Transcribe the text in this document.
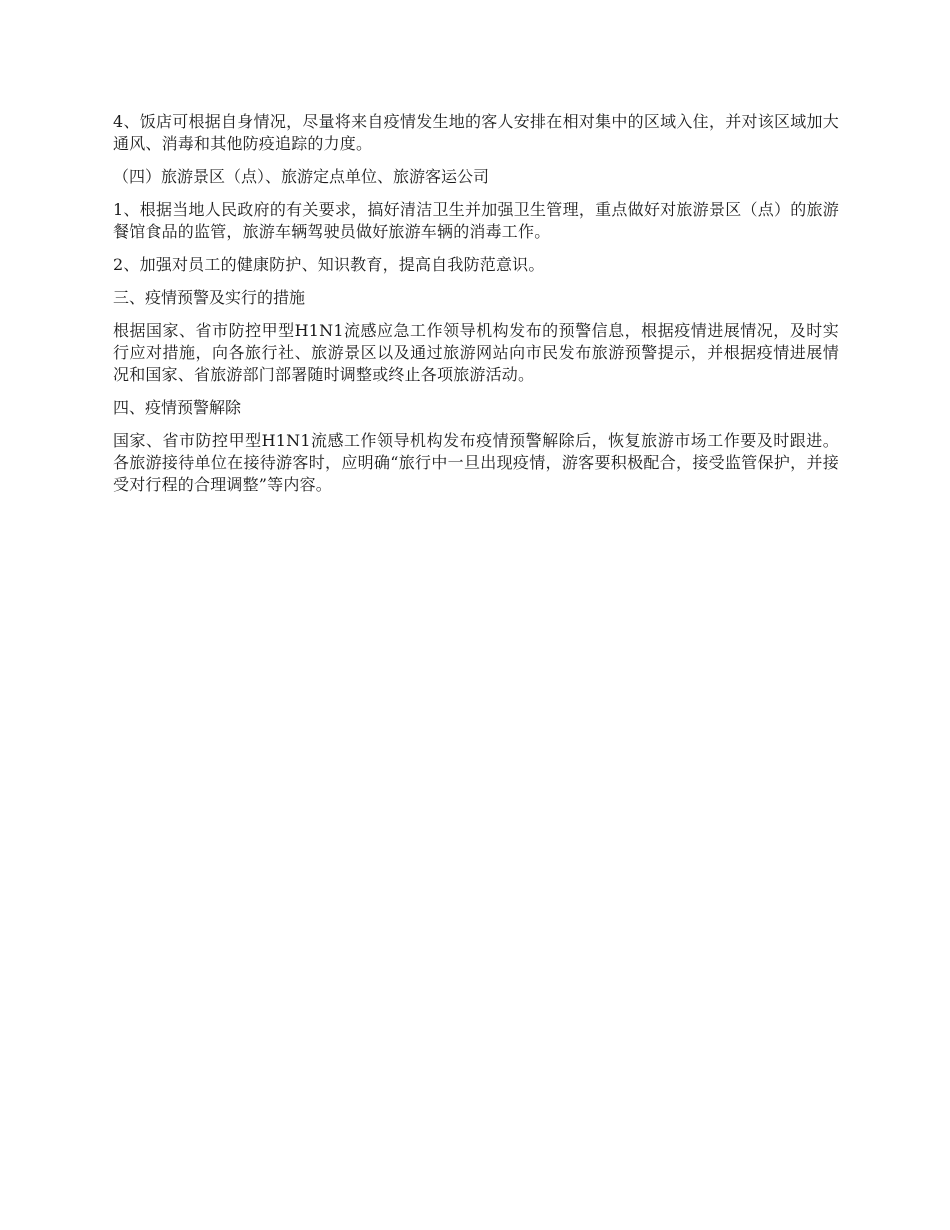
4、饭店可根据自身情况，尽量将来自疫情发生地的客人安排在相对集中的区域入住，并对该区域加大通风、消毒和其他防疫追踪的力度。

（四）旅游景区（点）、旅游定点单位、旅游客运公司

1、根据当地人民政府的有关要求，搞好清洁卫生并加强卫生管理，重点做好对旅游景区（点）的旅游餐馆食品的监管，旅游车辆驾驶员做好旅游车辆的消毒工作。

2、加强对员工的健康防护、知识教育，提高自我防范意识。

三、疫情预警及实行的措施

根据国家、省市防控甲型H1N1流感应急工作领导机构发布的预警信息，根据疫情进展情况，及时实行应对措施，向各旅行社、旅游景区以及通过旅游网站向市民发布旅游预警提示，并根据疫情进展情况和国家、省旅游部门部署随时调整或终止各项旅游活动。

四、疫情预警解除

国家、省市防控甲型H1N1流感工作领导机构发布疫情预警解除后，恢复旅游市场工作要及时跟进。各旅游接待单位在接待游客时，应明确“旅行中一旦出现疫情，游客要积极配合，接受监管保护，并接受对行程的合理调整”等内容。
